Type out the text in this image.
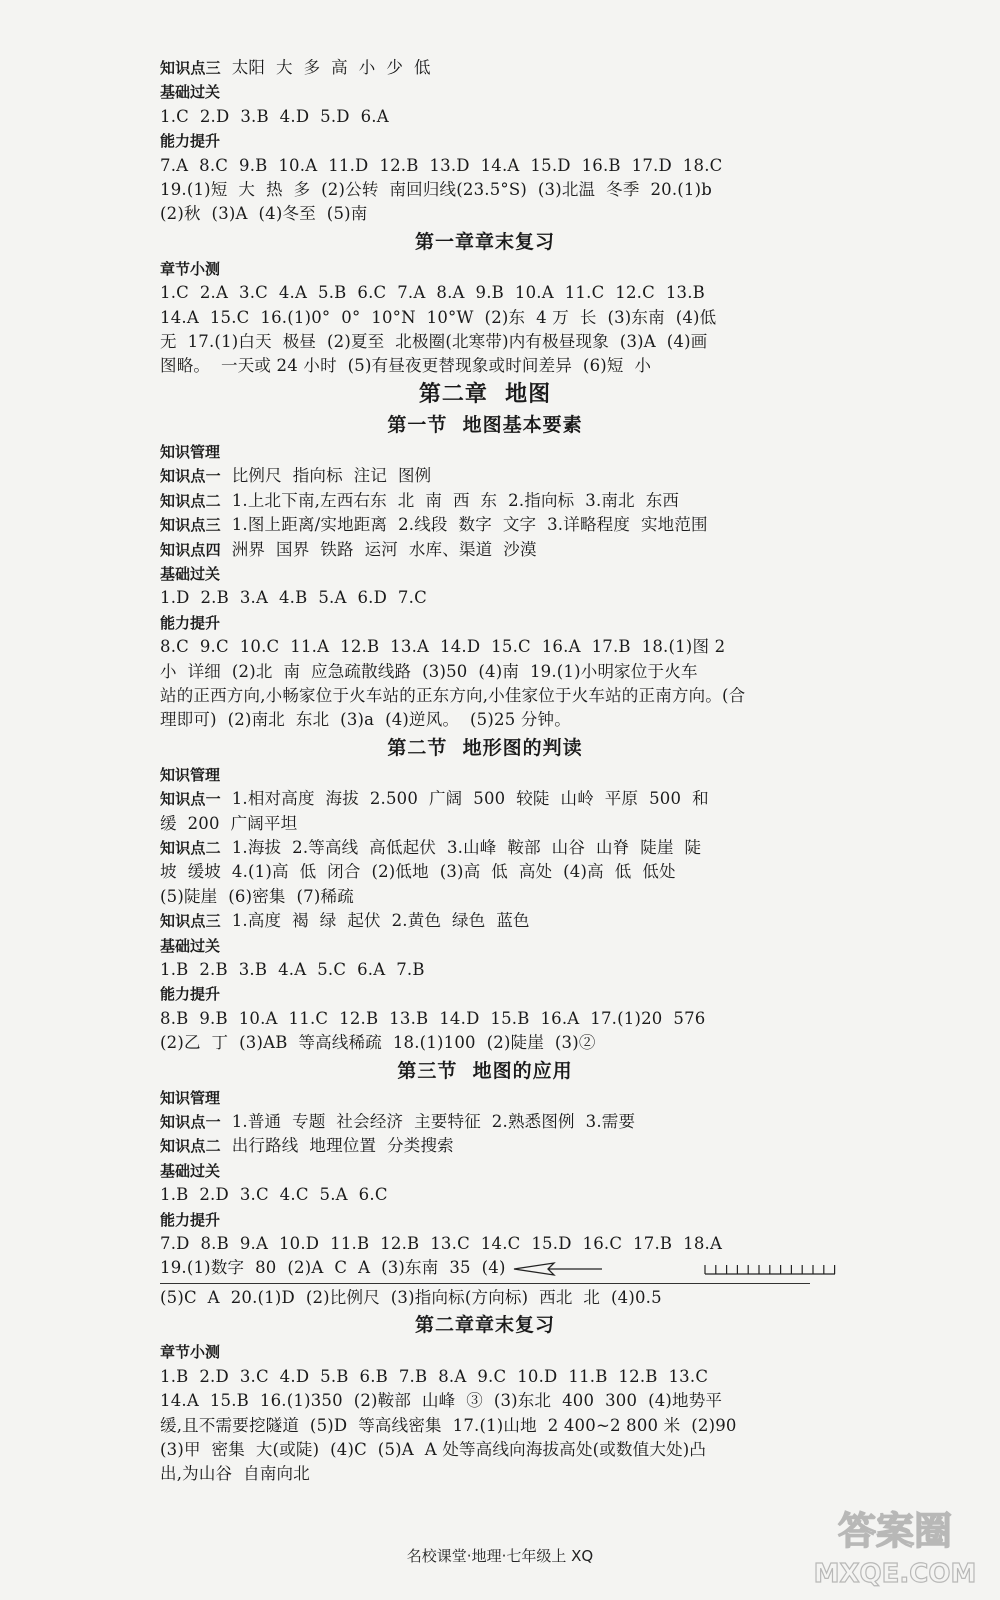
知识点三  太阳  大  多  高  小  少  低
基础过关
1.C  2.D  3.B  4.D  5.D  6.A
能力提升
7.A  8.C  9.B  10.A  11.D  12.B  13.D  14.A  15.D  16.B  17.D  18.C
19.(1)短  大  热  多  (2)公转  南回归线(23.5°S)  (3)北温  冬季  20.(1)b
(2)秋  (3)A  (4)冬至  (5)南
第一章章末复习
章节小测
1.C  2.A  3.C  4.A  5.B  6.C  7.A  8.A  9.B  10.A  11.C  12.C  13.B
14.A  15.C  16.(1)0°  0°  10°N  10°W  (2)东  4 万  长  (3)东南  (4)低
无  17.(1)白天  极昼  (2)夏至  北极圈(北寒带)内有极昼现象  (3)A  (4)画
图略。  一天或 24 小时  (5)有昼夜更替现象或时间差异  (6)短  小
第二章  地图
第一节  地图基本要素
知识管理
知识点一  比例尺  指向标  注记  图例
知识点二  1.上北下南,左西右东  北  南  西  东  2.指向标  3.南北  东西
知识点三  1.图上距离/实地距离  2.线段  数字  文字  3.详略程度  实地范围
知识点四  洲界  国界  铁路  运河  水库、渠道  沙漠
基础过关
1.D  2.B  3.A  4.B  5.A  6.D  7.C
能力提升
8.C  9.C  10.C  11.A  12.B  13.A  14.D  15.C  16.A  17.B  18.(1)图 2
小  详细  (2)北  南  应急疏散线路  (3)50  (4)南  19.(1)小明家位于火车
站的正西方向,小畅家位于火车站的正东方向,小佳家位于火车站的正南方向。(合
理即可)  (2)南北  东北  (3)a  (4)逆风。  (5)25 分钟。
第二节  地形图的判读
知识管理
知识点一  1.相对高度  海拔  2.500  广阔  500  较陡  山岭  平原  500  和
缓  200  广阔平坦
知识点二  1.海拔  2.等高线  高低起伏  3.山峰  鞍部  山谷  山脊  陡崖  陡
坡  缓坡  4.(1)高  低  闭合  (2)低地  (3)高  低  高处  (4)高  低  低处
(5)陡崖  (6)密集  (7)稀疏
知识点三  1.高度  褐  绿  起伏  2.黄色  绿色  蓝色
基础过关
1.B  2.B  3.B  4.A  5.C  6.A  7.B
能力提升
8.B  9.B  10.A  11.C  12.B  13.B  14.D  15.B  16.A  17.(1)20  576
(2)乙  丁  (3)AB  等高线稀疏  18.(1)100  (2)陡崖  (3)②
第三节  地图的应用
知识管理
知识点一  1.普通  专题  社会经济  主要特征  2.熟悉图例  3.需要
知识点二  出行路线  地理位置  分类搜索
基础过关
1.B  2.D  3.C  4.C  5.A  6.C
能力提升
7.D  8.B  9.A  10.D  11.B  12.B  13.C  14.C  15.D  16.C  17.B  18.A
19.(1)数字  80  (2)A  C  A  (3)东南  35  (4)
(5)C  A  20.(1)D  (2)比例尺  (3)指向标(方向标)  西北  北  (4)0.5
第二章章末复习
章节小测
1.B  2.D  3.C  4.D  5.B  6.B  7.B  8.A  9.C  10.D  11.B  12.B  13.C
14.A  15.B  16.(1)350  (2)鞍部  山峰  ③  (3)东北  400  300  (4)地势平
缓,且不需要挖隧道  (5)D  等高线密集  17.(1)山地  2 400~2 800 米  (2)90
(3)甲  密集  大(或陡)  (4)C  (5)A  A 处等高线向海拔高处(或数值大处)凸
出,为山谷  自南向北
名校课堂·地理·七年级上 XQ
答案圈
MXQE.COM
